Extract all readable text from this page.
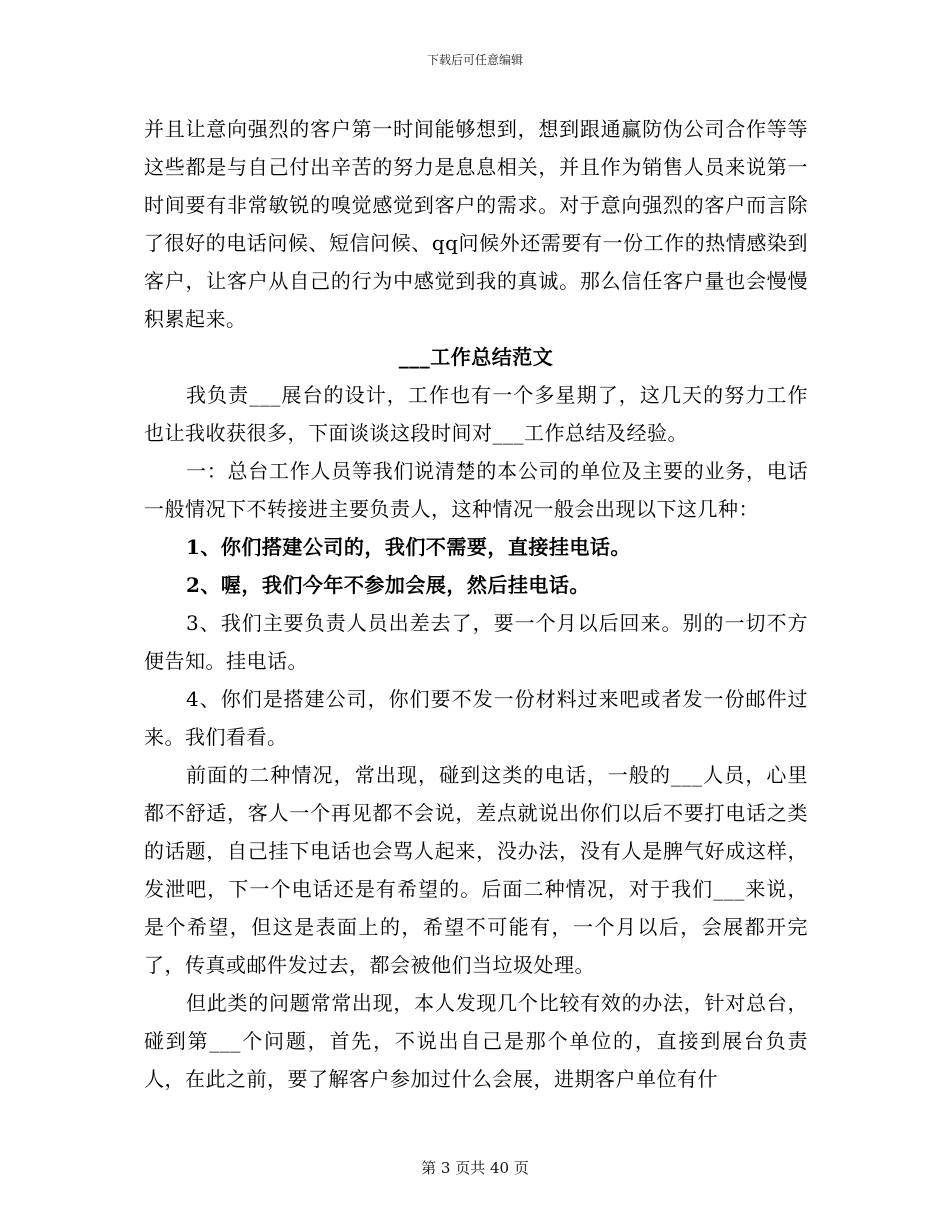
下载后可任意编辑

并且让意向强烈的客户第一时间能够想到，想到跟通赢防伪公司合作等等这些都是与自己付出辛苦的努力是息息相关，并且作为销售人员来说第一时间要有非常敏锐的嗅觉感觉到客户的需求。对于意向强烈的客户而言除了很好的电话问候、短信问候、qq问候外还需要有一份工作的热情感染到客户，让客户从自己的行为中感觉到我的真诚。那么信任客户量也会慢慢积累起来。

___工作总结范文

我负责___展台的设计，工作也有一个多星期了，这几天的努力工作也让我收获很多，下面谈谈这段时间对___工作总结及经验。

一：总台工作人员等我们说清楚的本公司的单位及主要的业务，电话一般情况下不转接进主要负责人，这种情况一般会出现以下这几种：

1、你们搭建公司的，我们不需要，直接挂电话。

2、喔，我们今年不参加会展，然后挂电话。

3、我们主要负责人员出差去了，要一个月以后回来。别的一切不方便告知。挂电话。

4、你们是搭建公司，你们要不发一份材料过来吧或者发一份邮件过来。我们看看。

前面的二种情况，常出现，碰到这类的电话，一般的___人员，心里都不舒适，客人一个再见都不会说，差点就说出你们以后不要打电话之类的话题，自己挂下电话也会骂人起来，没办法，没有人是脾气好成这样，发泄吧，下一个电话还是有希望的。后面二种情况，对于我们___来说，是个希望，但这是表面上的，希望不可能有，一个月以后，会展都开完了，传真或邮件发过去，都会被他们当垃圾处理。

但此类的问题常常出现，本人发现几个比较有效的办法，针对总台，碰到第___个问题，首先，不说出自己是那个单位的，直接到展台负责人，在此之前，要了解客户参加过什么会展，进期客户单位有什

第 3 页共 40 页
